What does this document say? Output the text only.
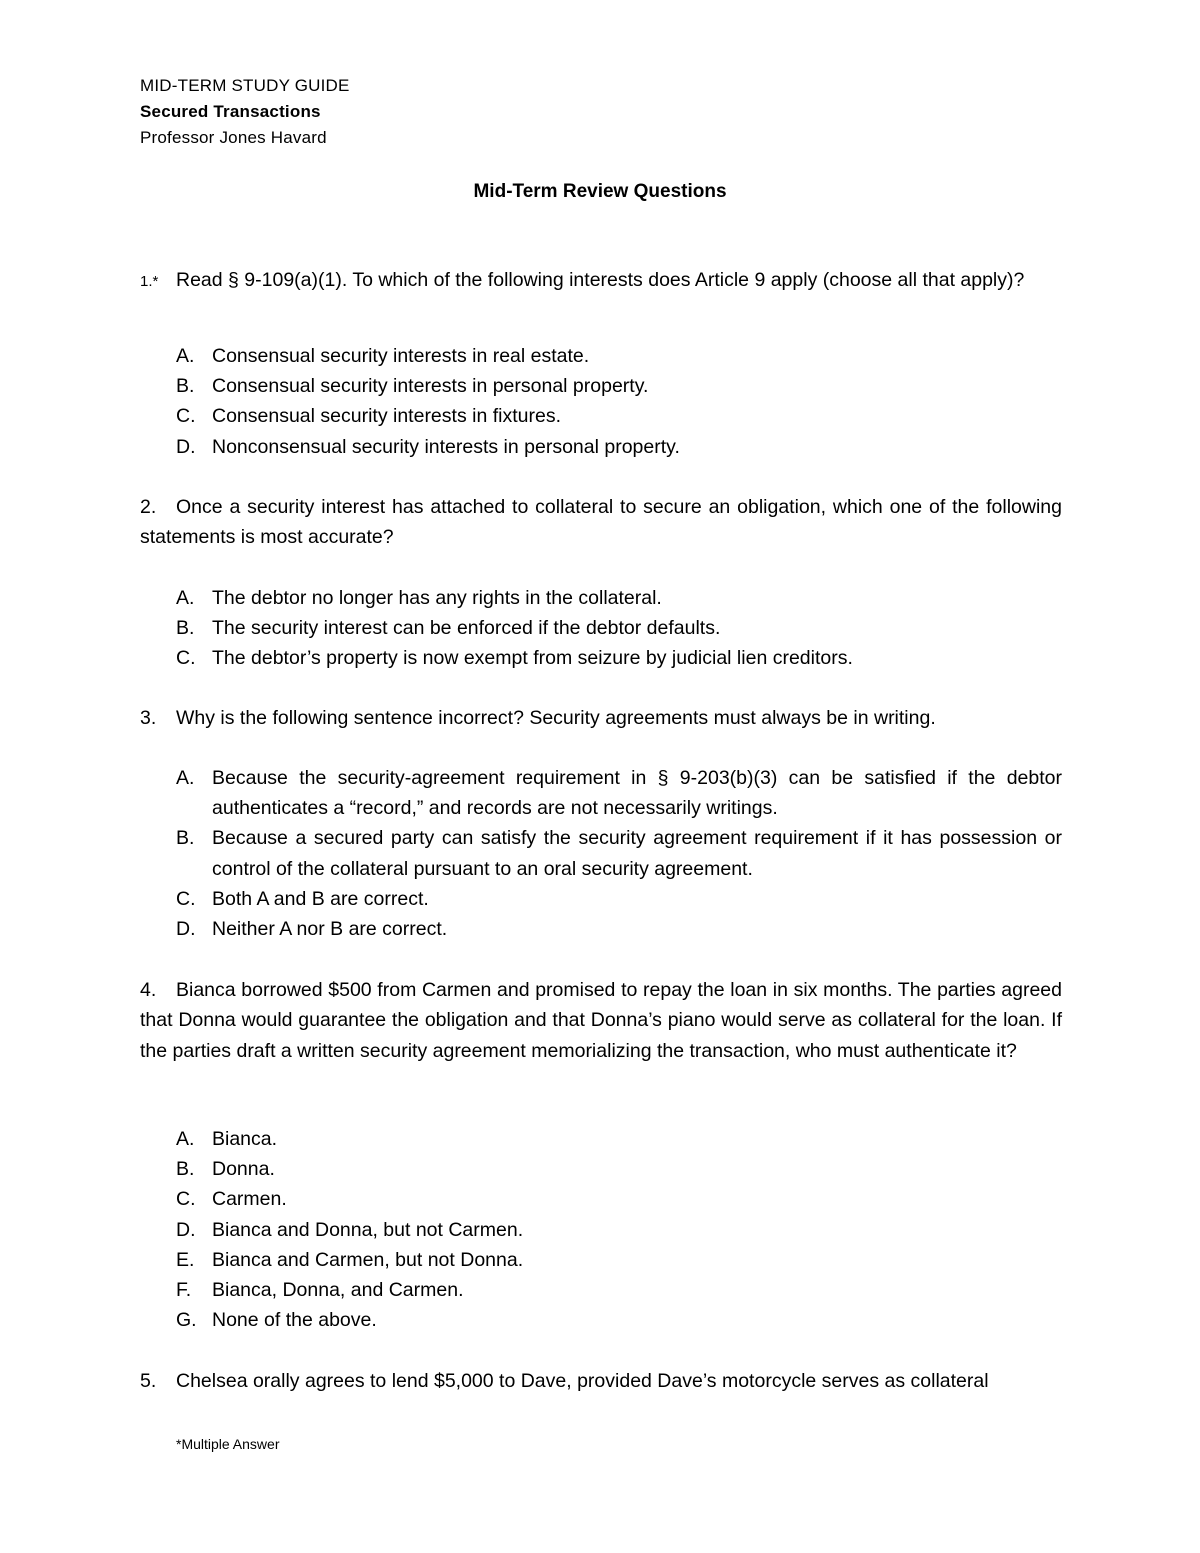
MID-TERM STUDY GUIDE
Secured Transactions
Professor Jones Havard
Mid-Term Review Questions
1.* Read § 9-109(a)(1). To which of the following interests does Article 9 apply (choose all that apply)?
A. Consensual security interests in real estate.
B. Consensual security interests in personal property.
C. Consensual security interests in fixtures.
D. Nonconsensual security interests in personal property.
2. Once a security interest has attached to collateral to secure an obligation, which one of the following statements is most accurate?
A. The debtor no longer has any rights in the collateral.
B. The security interest can be enforced if the debtor defaults.
C. The debtor’s property is now exempt from seizure by judicial lien creditors.
3. Why is the following sentence incorrect? Security agreements must always be in writing.
A. Because the security-agreement requirement in § 9-203(b)(3) can be satisfied if the debtor authenticates a “record,” and records are not necessarily writings.
B. Because a secured party can satisfy the security agreement requirement if it has possession or control of the collateral pursuant to an oral security agreement.
C. Both A and B are correct.
D. Neither A nor B are correct.
4. Bianca borrowed $500 from Carmen and promised to repay the loan in six months. The parties agreed that Donna would guarantee the obligation and that Donna’s piano would serve as collateral for the loan. If the parties draft a written security agreement memorializing the transaction, who must authenticate it?
A. Bianca.
B. Donna.
C. Carmen.
D. Bianca and Donna, but not Carmen.
E. Bianca and Carmen, but not Donna.
F. Bianca, Donna, and Carmen.
G. None of the above.
5. Chelsea orally agrees to lend $5,000 to Dave, provided Dave’s motorcycle serves as collateral
*Multiple Answer
